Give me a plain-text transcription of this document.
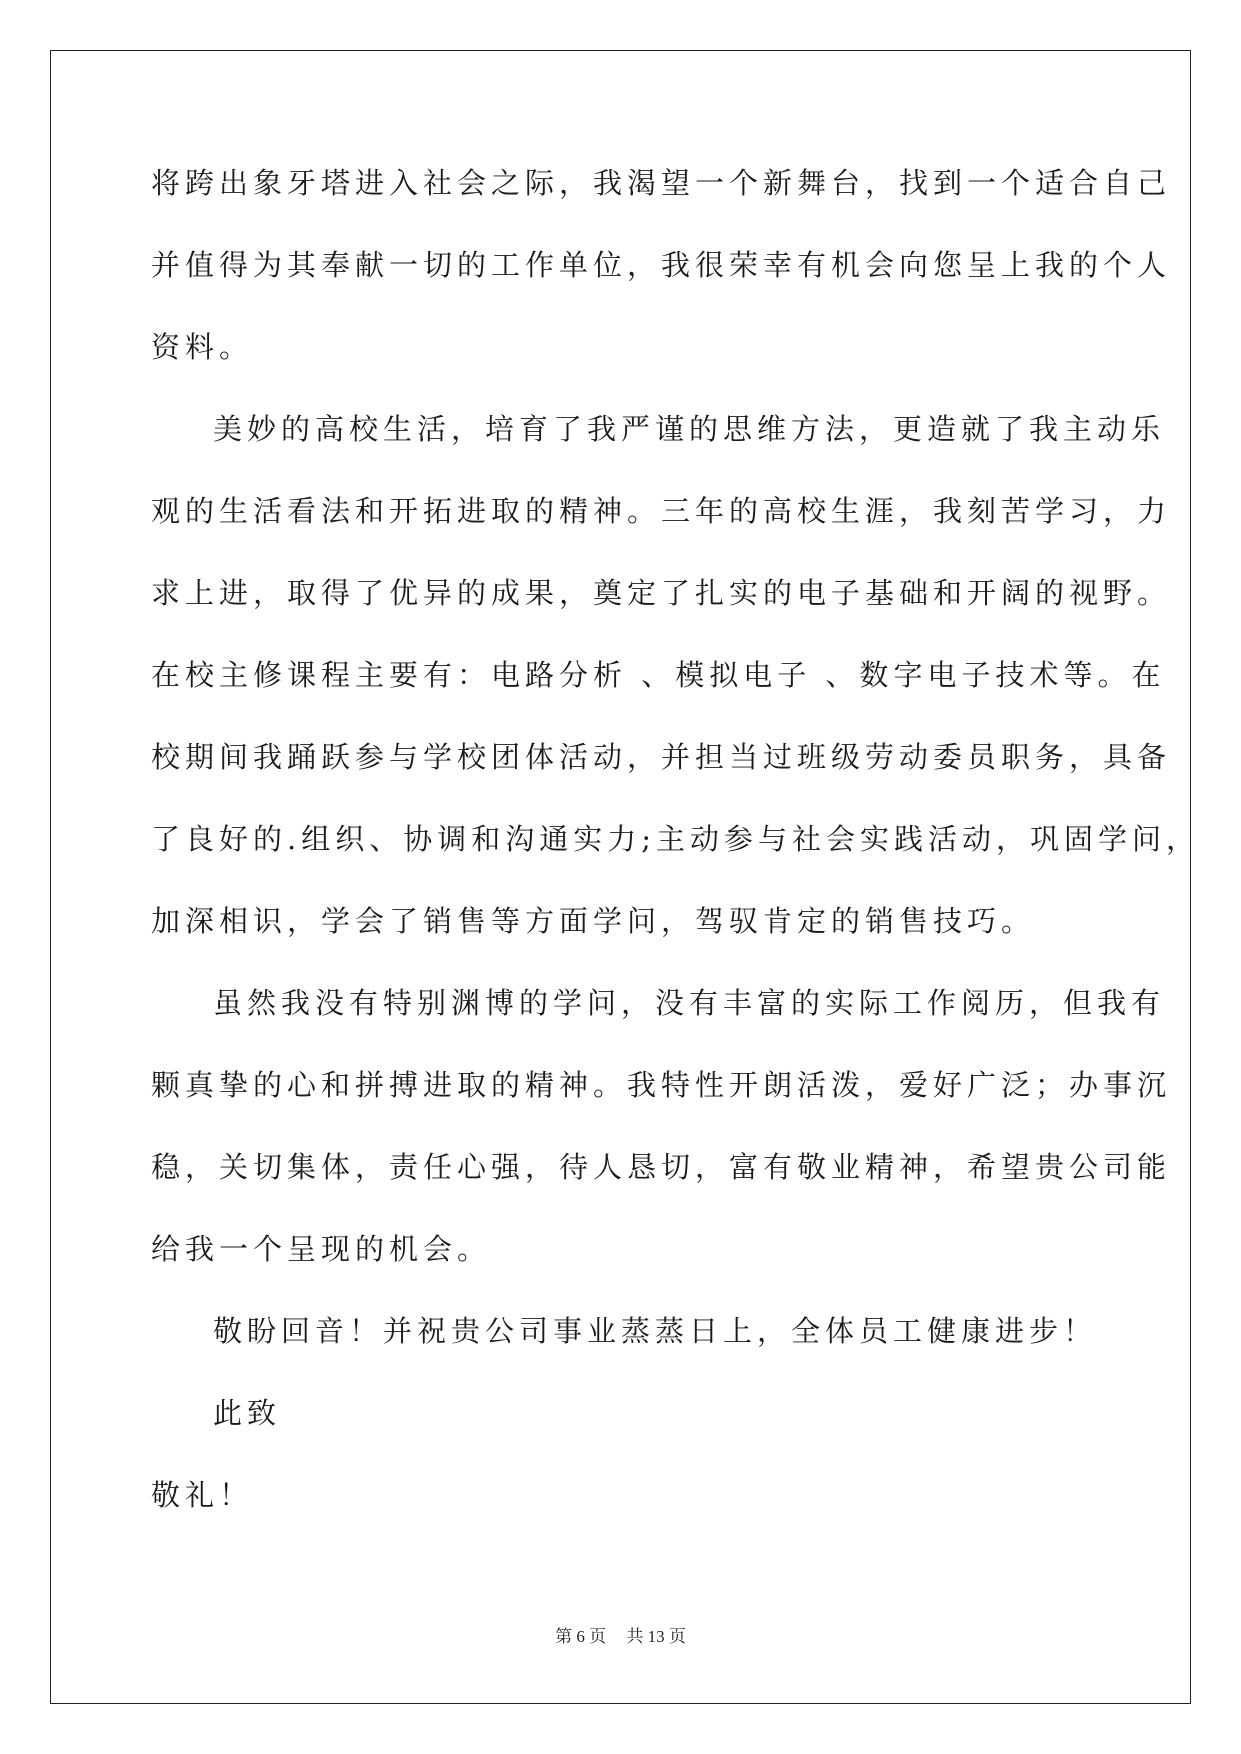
将跨出象牙塔进入社会之际，我渴望一个新舞台，找到一个适合自己
并值得为其奉献一切的工作单位，我很荣幸有机会向您呈上我的个人
资料。
美妙的高校生活，培育了我严谨的思维方法，更造就了我主动乐
观的生活看法和开拓进取的精神。三年的高校生涯，我刻苦学习，力
求上进，取得了优异的成果，奠定了扎实的电子基础和开阔的视野。
在校主修课程主要有：电路分析 、模拟电子 、数字电子技术等。在
校期间我踊跃参与学校团体活动，并担当过班级劳动委员职务，具备
了良好的.组织、协调和沟通实力;主动参与社会实践活动，巩固学问，
加深相识，学会了销售等方面学问，驾驭肯定的销售技巧。
虽然我没有特别渊博的学问，没有丰富的实际工作阅历，但我有
颗真挚的心和拼搏进取的精神。我特性开朗活泼，爱好广泛；办事沉
稳，关切集体，责任心强，待人恳切，富有敬业精神，希望贵公司能
给我一个呈现的机会。
敬盼回音！并祝贵公司事业蒸蒸日上，全体员工健康进步！
此致
敬礼！
第 6 页 共 13 页
